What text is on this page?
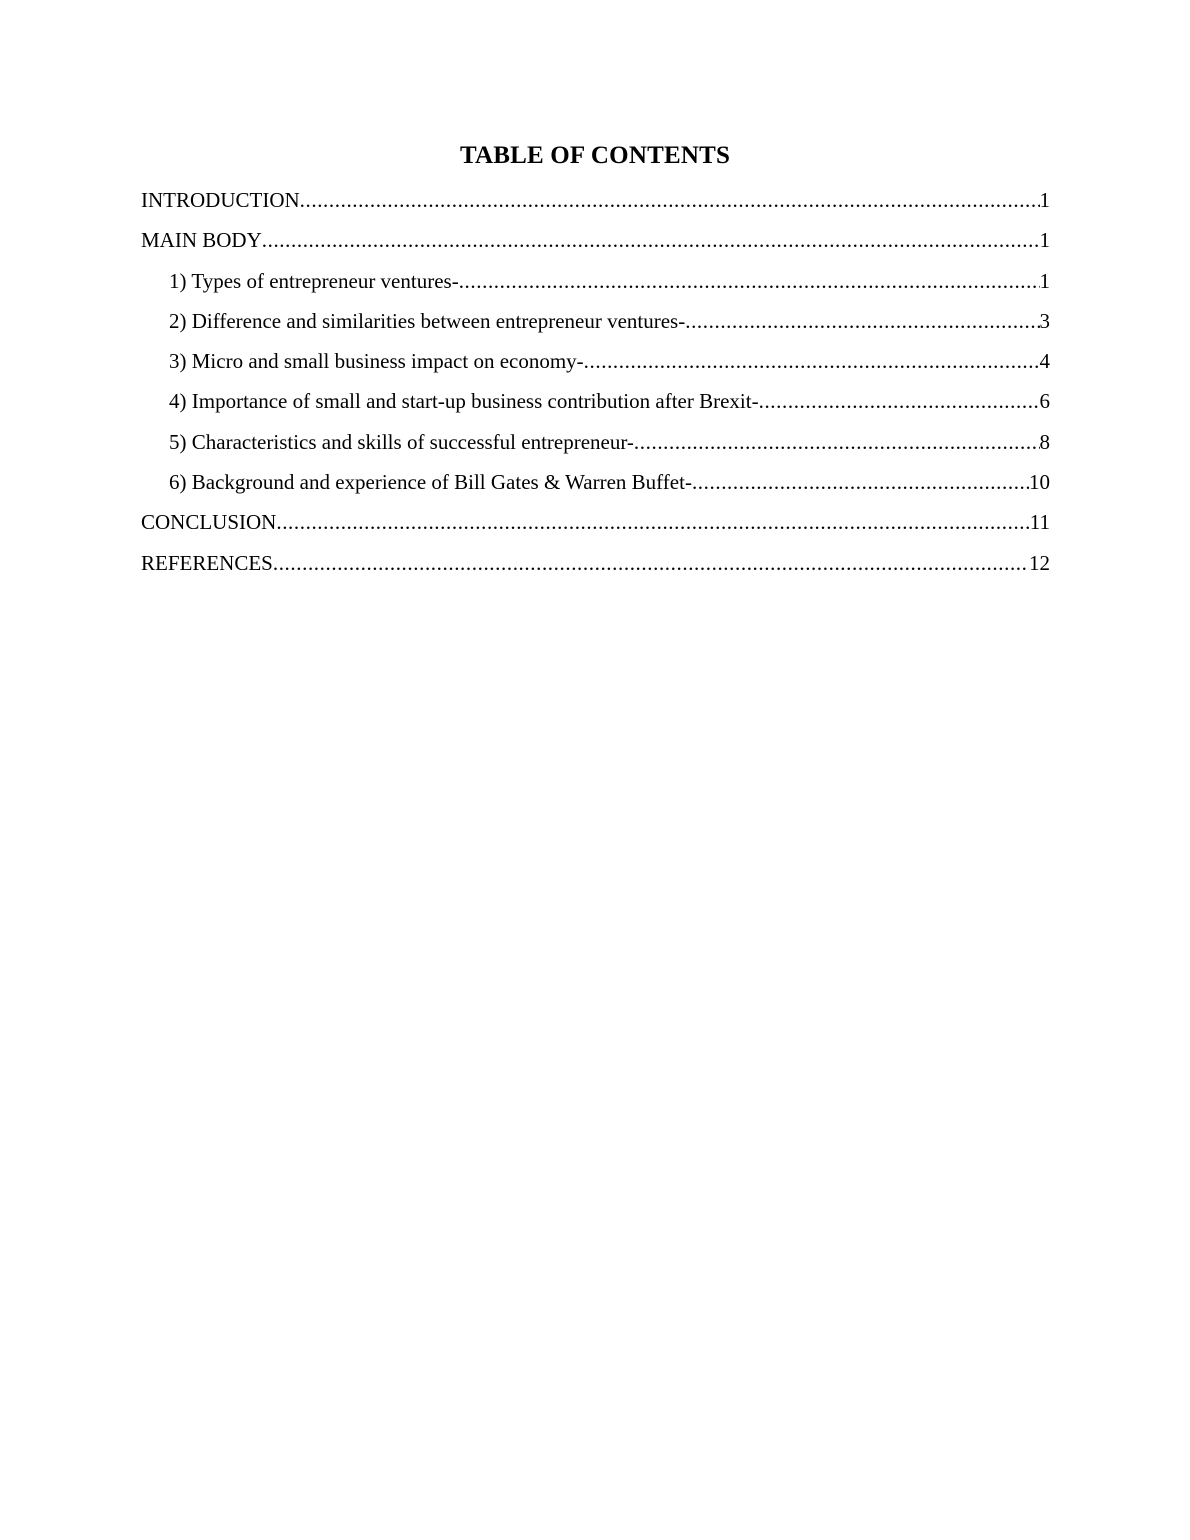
TABLE OF CONTENTS
INTRODUCTION .....	1
MAIN BODY .....	1
1) Types of entrepreneur ventures- .....	1
2) Difference and similarities between entrepreneur ventures- .....	3
3) Micro and small business impact on economy- .....	4
4) Importance of small and start-up business contribution after Brexit- .....	6
5) Characteristics and skills of successful entrepreneur- .....	8
6) Background and experience of Bill Gates & Warren Buffet- .....	10
CONCLUSION .....	11
REFERENCES .....	12
